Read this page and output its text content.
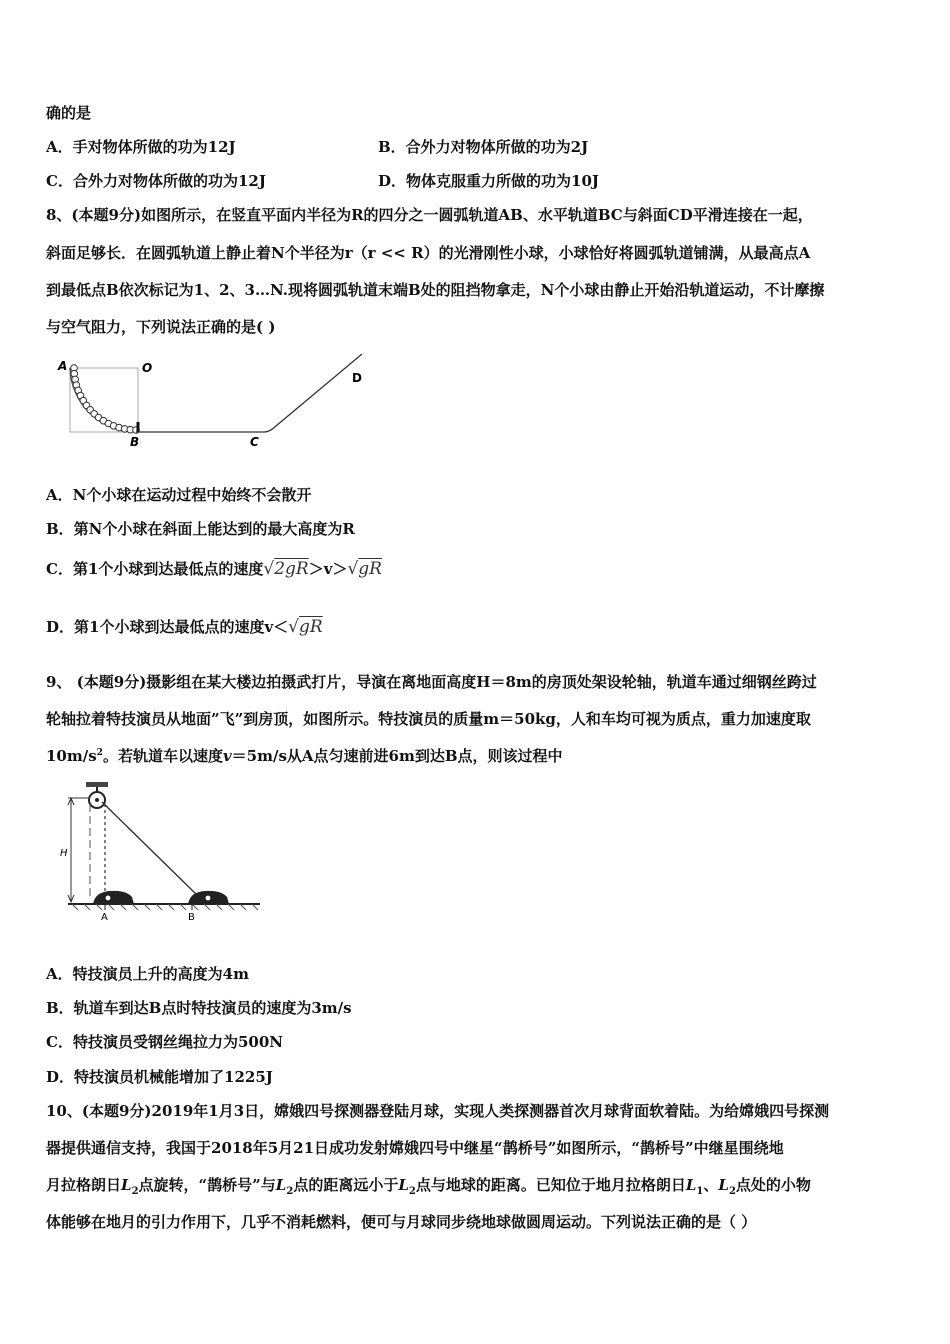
确的是
A．手对物体所做的功为12J	B．合外力对物体所做的功为2J
C．合外力对物体所做的功为12J	D．物体克服重力所做的功为10J
8、(本题9分)如图所示，在竖直平面内半径为R的四分之一圆弧轨道AB、水平轨道BC与斜面CD平滑连接在一起，
斜面足够长．在圆弧轨道上静止着N个半径为r（r << R）的光滑刚性小球，小球恰好将圆弧轨道铺满，从最高点A
到最低点B依次标记为1、2、3…N.现将圆弧轨道末端B处的阻挡物拿走，N个小球由静止开始沿轨道运动，不计摩擦
与空气阻力，下列说法正确的是( )
A	O
B	C
D
A．N个小球在运动过程中始终不会散开
B．第N个小球在斜面上能达到的最大高度为R
C．第1个小球到达最低点的速度√2gR＞v＞√gR
D．第1个小球到达最低点的速度v＜√gR
9、 (本题9分)摄影组在某大楼边拍摄武打片，导演在离地面高度H＝8m的房顶处架设轮轴，轨道车通过细钢丝跨过
轮轴拉着特技演员从地面”飞”到房顶，如图所示。特技演员的质量m＝50kg，人和车均可视为质点，重力加速度取
$10m/s^2$。若轨道车以速度v＝5m/s从A点匀速前进6m到达B点，则该过程中
H
A	B
A．特技演员上升的高度为4m
B．轨道车到达B点时特技演员的速度为3m/s
C．特技演员受钢丝绳拉力为500N
D．特技演员机械能增加了1225J
10、(本题9分)2019年1月3日，嫦娥四号探测器登陆月球，实现人类探测器首次月球背面软着陆。为给嫦娥四号探测
器提供通信支持，我国于2018年5月21日成功发射嫦娥四号中继星“鹊桥号”如图所示，“鹊桥号”中继星围绕地
月拉格朗日$L_2$点旋转，“鹊桥号”与$L_2$点的距离远小于$L_2$点与地球的距离。已知位于地月拉格朗日$L_1$、$L_2$点处的小物
体能够在地月的引力作用下，几乎不消耗燃料，便可与月球同步绕地球做圆周运动。下列说法正确的是（ ）
